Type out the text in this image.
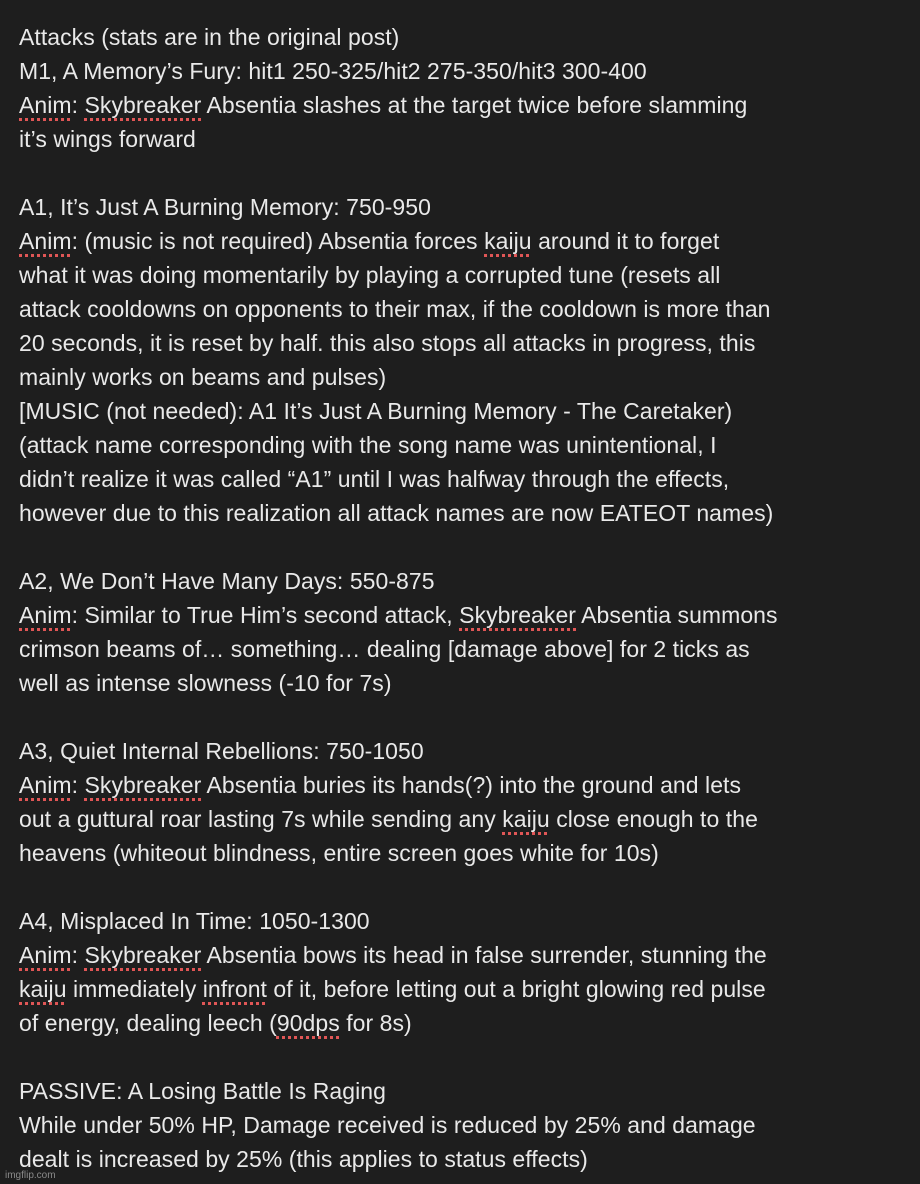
Attacks (stats are in the original post)
M1, A Memory’s Fury: hit1 250-325/hit2 275-350/hit3 300-400
Anim: Skybreaker Absentia slashes at the target twice before slamming
it’s wings forward
A1, It’s Just A Burning Memory: 750-950
Anim: (music is not required) Absentia forces kaiju around it to forget
what it was doing momentarily by playing a corrupted tune (resets all
attack cooldowns on opponents to their max, if the cooldown is more than
20 seconds, it is reset by half. this also stops all attacks in progress, this
mainly works on beams and pulses)
[MUSIC (not needed): A1 It’s Just A Burning Memory - The Caretaker)
(attack name corresponding with the song name was unintentional, I
didn’t realize it was called “A1” until I was halfway through the effects,
however due to this realization all attack names are now EATEOT names)
A2, We Don’t Have Many Days: 550-875
Anim: Similar to True Him’s second attack, Skybreaker Absentia summons
crimson beams of… something… dealing [damage above] for 2 ticks as
well as intense slowness (-10 for 7s)
A3, Quiet Internal Rebellions: 750-1050
Anim: Skybreaker Absentia buries its hands(?) into the ground and lets
out a guttural roar lasting 7s while sending any kaiju close enough to the
heavens (whiteout blindness, entire screen goes white for 10s)
A4, Misplaced In Time: 1050-1300
Anim: Skybreaker Absentia bows its head in false surrender, stunning the
kaiju immediately infront of it, before letting out a bright glowing red pulse
of energy, dealing leech (90dps for 8s)
PASSIVE: A Losing Battle Is Raging
While under 50% HP, Damage received is reduced by 25% and damage
dealt is increased by 25% (this applies to status effects)
imgflip.com
